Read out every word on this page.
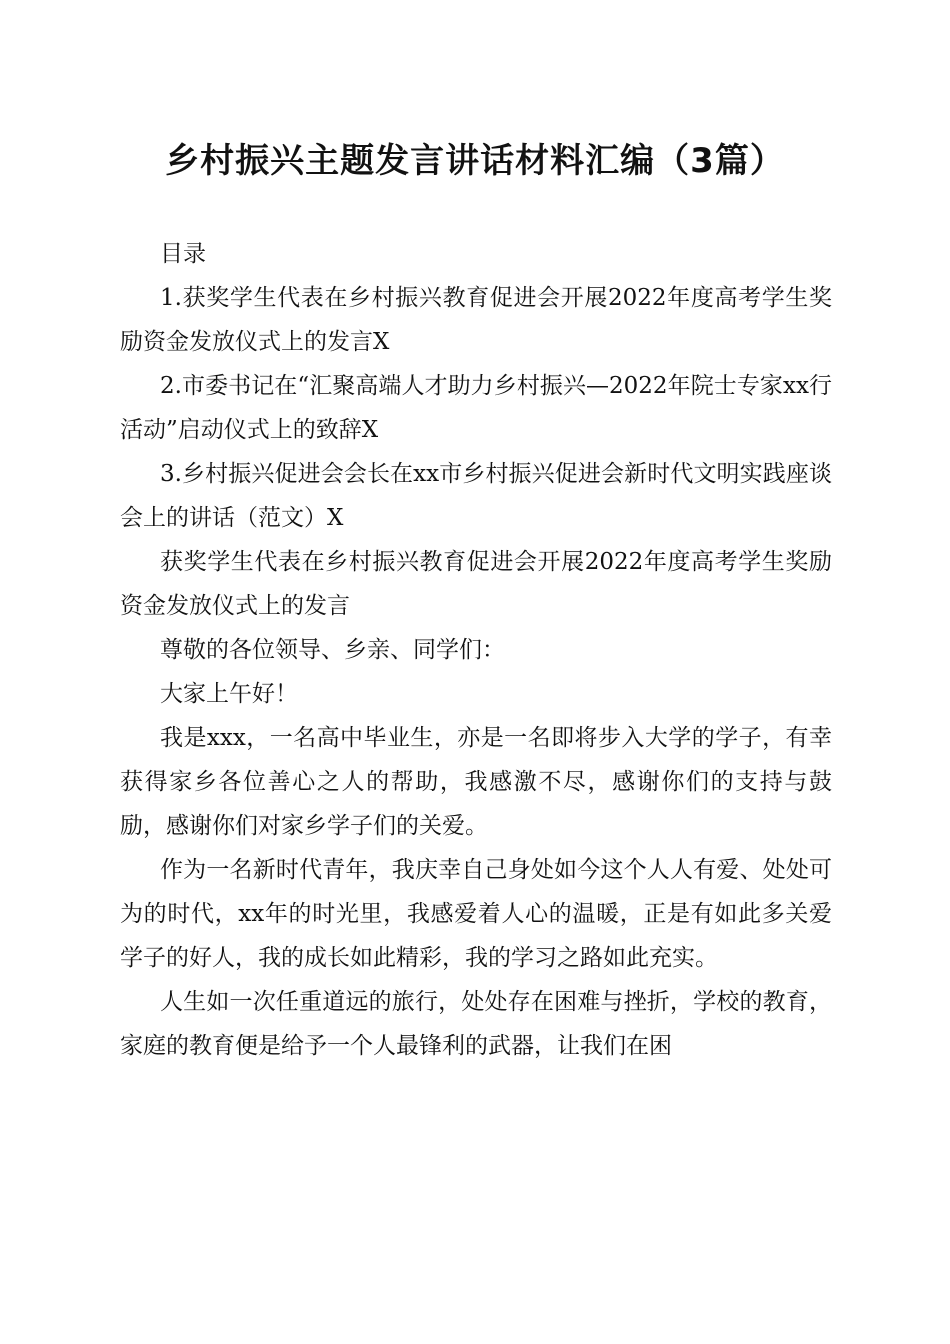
乡村振兴主题发言讲话材料汇编（3篇）

目录

1.获奖学生代表在乡村振兴教育促进会开展2022年度高考学生奖励资金发放仪式上的发言X

2.市委书记在“汇聚高端人才助力乡村振兴—2022年院士专家xx行活动”启动仪式上的致辞X

3.乡村振兴促进会会长在xx市乡村振兴促进会新时代文明实践座谈会上的讲话（范文）X

获奖学生代表在乡村振兴教育促进会开展2022年度高考学生奖励资金发放仪式上的发言

尊敬的各位领导、乡亲、同学们：

大家上午好！

我是xxx，一名高中毕业生，亦是一名即将步入大学的学子，有幸获得家乡各位善心之人的帮助，我感激不尽，感谢你们的支持与鼓励，感谢你们对家乡学子们的关爱。

作为一名新时代青年，我庆幸自己身处如今这个人人有爱、处处可为的时代，xx年的时光里，我感爱着人心的温暖，正是有如此多关爱学子的好人，我的成长如此精彩，我的学习之路如此充实。

人生如一次任重道远的旅行，处处存在困难与挫折，学校的教育，家庭的教育便是给予一个人最锋利的武器，让我们在困
